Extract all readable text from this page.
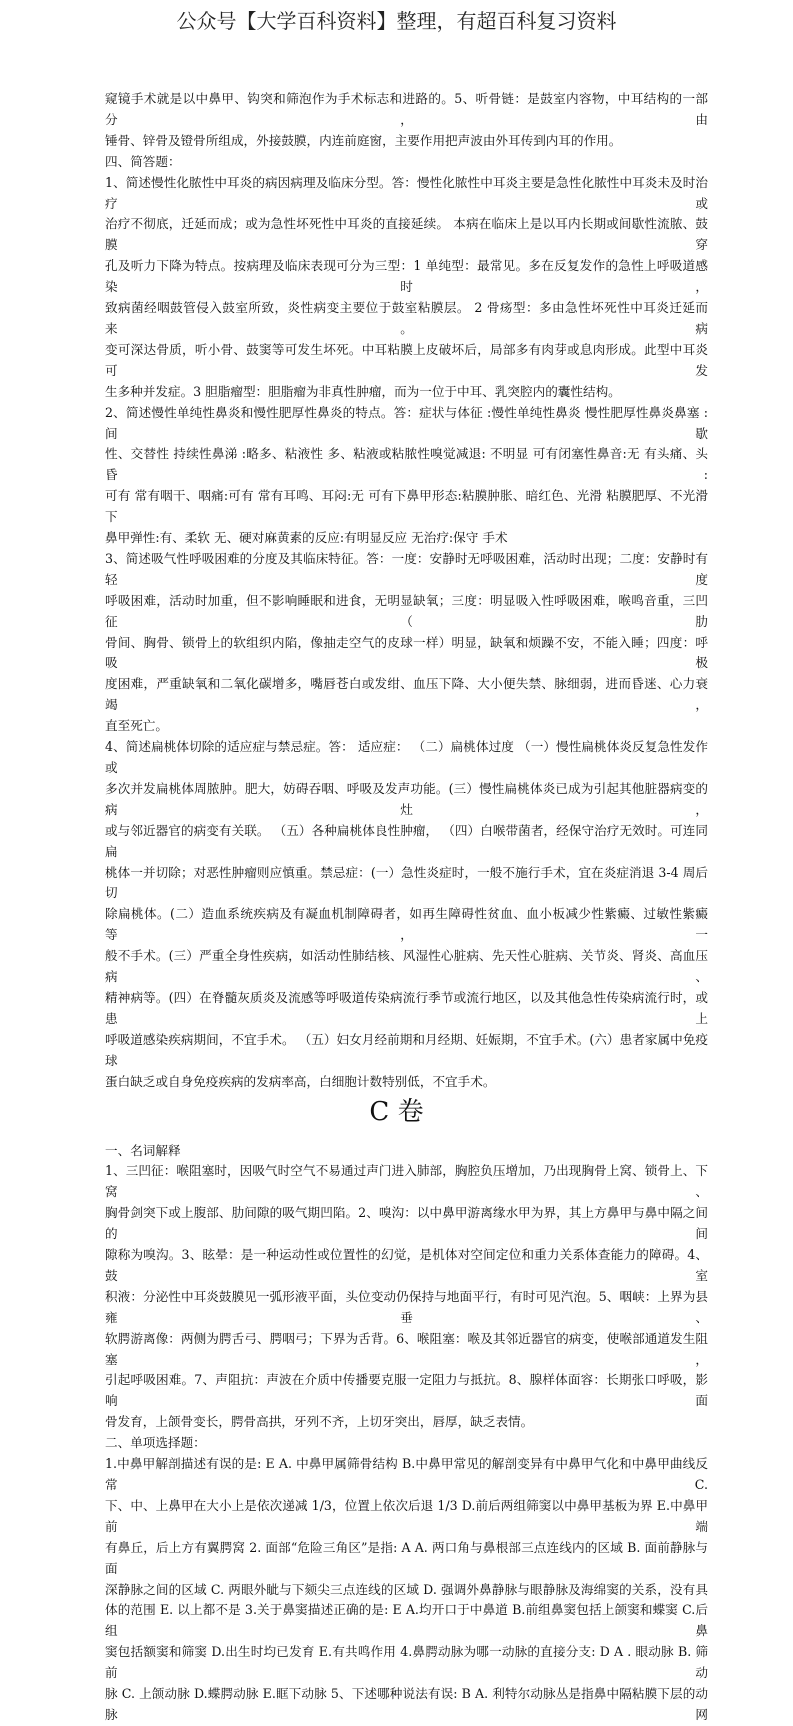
公众号【大学百科资料】整理，有超百科复习资料
窥镜手术就是以中鼻甲、钩突和筛泡作为手术标志和进路的。5、听骨链：是鼓室内容物，中耳结构的一部分，由
锤骨、锌骨及镫骨所组成，外接鼓膜，内连前庭窗，主要作用把声波由外耳传到内耳的作用。
四、简答题：
1、简述慢性化脓性中耳炎的病因病理及临床分型。答：慢性化脓性中耳炎主要是急性化脓性中耳炎未及时治疗或
治疗不彻底，迁延而成；或为急性坏死性中耳炎的直接延续。 本病在临床上是以耳内长期或间歇性流脓、鼓膜穿
孔及听力下降为特点。按病理及临床表现可分为三型：1 单纯型：最常见。多在反复发作的急性上呼吸道感染时，
致病菌经咽鼓管侵入鼓室所致，炎性病变主要位于鼓室粘膜层。 2 骨疡型：多由急性坏死性中耳炎迁延而来。病
变可深达骨质，听小骨、鼓窦等可发生坏死。中耳粘膜上皮破坏后，局部多有肉芽或息肉形成。此型中耳炎可发
生多种并发症。3 胆脂瘤型：胆脂瘤为非真性肿瘤，而为一位于中耳、乳突腔内的囊性结构。
2、简述慢性单纯性鼻炎和慢性肥厚性鼻炎的特点。答：症状与体征 :慢性单纯性鼻炎 慢性肥厚性鼻炎鼻塞 :间歇
性、交替性 持续性鼻涕 :略多、粘液性 多、粘液或粘脓性嗅觉减退: 不明显 可有闭塞性鼻音:无 有头痛、头昏:
可有 常有咽干、咽痛:可有 常有耳鸣、耳闷:无 可有下鼻甲形态:粘膜肿胀、暗红色、光滑 粘膜肥厚、不光滑下
鼻甲弹性:有、柔软 无、硬对麻黄素的反应:有明显反应 无治疗:保守 手术
3、简述吸气性呼吸困难的分度及其临床特征。答：一度：安静时无呼吸困难，活动时出现；二度：安静时有轻度
呼吸困难，活动时加重，但不影响睡眠和进食，无明显缺氧；三度：明显吸入性呼吸困难，喉鸣音重，三凹征（肋
骨间、胸骨、锁骨上的软组织内陷，像抽走空气的皮球一样）明显，缺氧和烦躁不安，不能入睡；四度：呼吸极
度困难，严重缺氧和二氧化碳增多，嘴唇苍白或发绀、血压下降、大小便失禁、脉细弱，进而昏迷、心力衰竭，
直至死亡。
4、简述扁桃体切除的适应症与禁忌症。答： 适应症： （二）扁桃体过度 （一）慢性扁桃体炎反复急性发作或
多次并发扁桃体周脓肿。肥大，妨碍吞咽、呼吸及发声功能。(三）慢性扁桃体炎已成为引起其他脏器病变的病灶，
或与邻近器官的病变有关联。 （五）各种扁桃体良性肿瘤， （四）白喉带菌者，经保守治疗无效时。可连同扁
桃体一并切除；对恶性肿瘤则应慎重。禁忌症：(一）急性炎症时，一般不施行手术，宜在炎症消退 3-4 周后切
除扁桃体。(二）造血系统疾病及有凝血机制障碍者，如再生障碍性贫血、血小板减少性紫癜、过敏性紫癜等，一
般不手术。(三）严重全身性疾病，如活动性肺结核、风湿性心脏病、先天性心脏病、关节炎、肾炎、高血压病、
精神病等。(四）在脊髓灰质炎及流感等呼吸道传染病流行季节或流行地区，以及其他急性传染病流行时，或患上
呼吸道感染疾病期间，不宜手术。 （五）妇女月经前期和月经期、妊娠期，不宜手术。(六）患者家属中免疫球
蛋白缺乏或自身免疫疾病的发病率高，白细胞计数特别低，不宜手术。
C 卷
一、名词解释
1、三凹征：喉阻塞时，因吸气时空气不易通过声门进入肺部，胸腔负压增加，乃出现胸骨上窝、锁骨上、下窝、
胸骨剑突下或上腹部、肋间隙的吸气期凹陷。2、嗅沟：以中鼻甲游离缘水甲为界，其上方鼻甲与鼻中隔之间的间
隙称为嗅沟。3、眩晕：是一种运动性或位置性的幻觉，是机体对空间定位和重力关系体查能力的障碍。4、鼓室
积液：分泌性中耳炎鼓膜见一弧形液平面，头位变动仍保持与地面平行，有时可见汽泡。5、咽峡：上界为县雍垂、
软腭游离像：两侧为腭舌弓、腭咽弓；下界为舌背。6、喉阻塞：喉及其邻近器官的病变，使喉部通道发生阻塞，
引起呼吸困难。7、声阻抗：声波在介质中传播要克服一定阻力与抵抗。8、腺样体面容：长期张口呼吸，影响面
骨发育，上颌骨变长，腭骨高拱，牙列不齐，上切牙突出，唇厚，缺乏表情。
二、单项选择题：
1.中鼻甲解剖描述有误的是: E A. 中鼻甲属筛骨结构 B.中鼻甲常见的解剖变异有中鼻甲气化和中鼻甲曲线反常 C.
下、中、上鼻甲在大小上是依次递减 1/3，位置上依次后退 1/3 D.前后两组筛窦以中鼻甲基板为界 E.中鼻甲前端
有鼻丘，后上方有翼腭窝 2. 面部“危险三角区”是指: A A. 两口角与鼻根部三点连线内的区域 B. 面前静脉与面
深静脉之间的区域 C. 两眼外眦与下颏尖三点连线的区域 D. 强调外鼻静脉与眼静脉及海绵窦的关系，没有具
体的范围 E. 以上都不是 3.关于鼻窦描述正确的是: E A.均开口于中鼻道 B.前组鼻窦包括上颌窦和蝶窦 C.后组鼻
窦包括额窦和筛窦 D.出生时均已发育 E.有共鸣作用 4.鼻腭动脉为哪一动脉的直接分支: D A . 眼动脉 B. 筛前动
脉 C. 上颌动脉 D.蝶腭动脉 E.眶下动脉 5、下述哪种说法有误: B A. 利特尔动脉丛是指鼻中隔粘膜下层的动脉网
